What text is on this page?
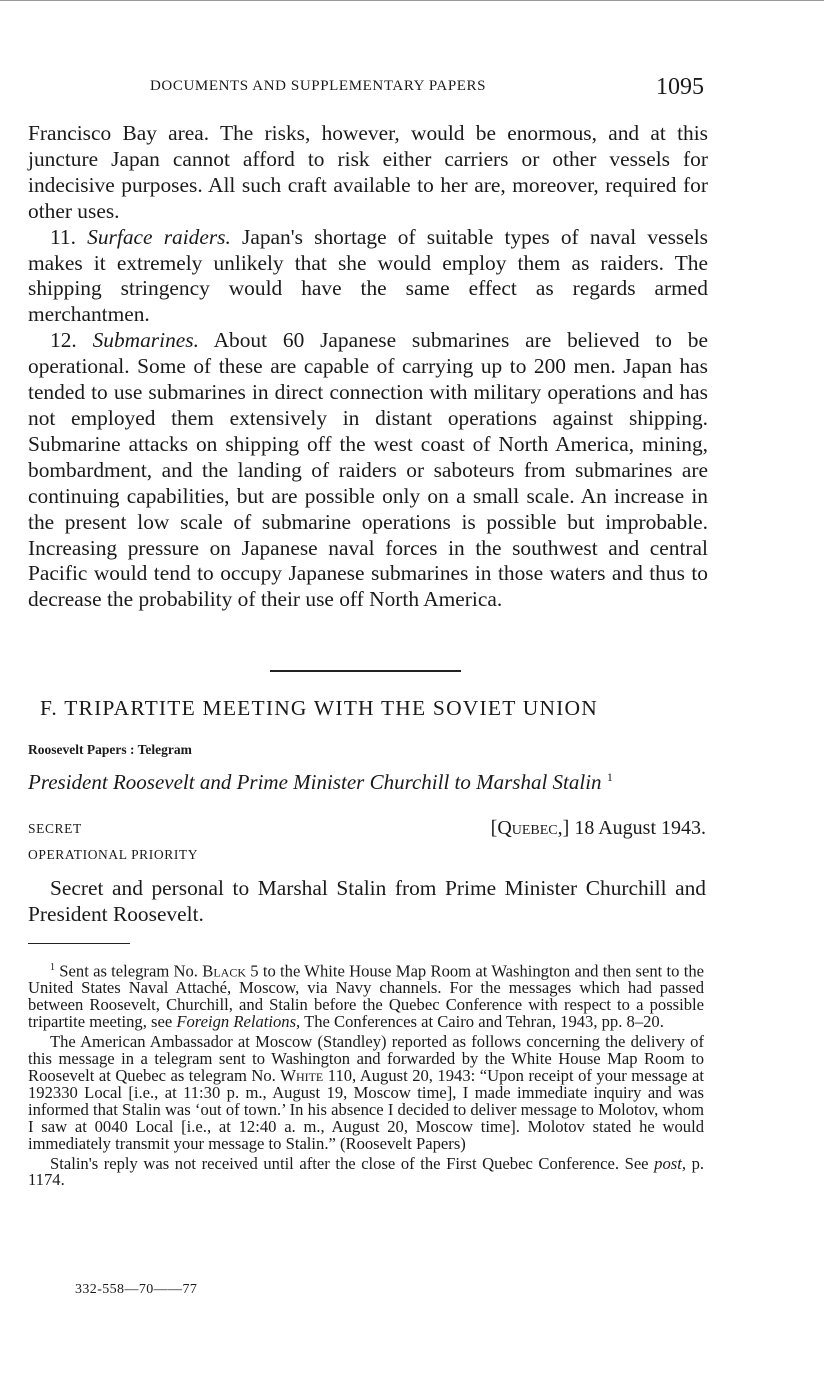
DOCUMENTS AND SUPPLEMENTARY PAPERS	1095

Francisco Bay area. The risks, however, would be enormous, and at this juncture Japan cannot afford to risk either carriers or other vessels for indecisive purposes. All such craft available to her are, moreover, required for other uses.

11. Surface raiders. Japan's shortage of suitable types of naval vessels makes it extremely unlikely that she would employ them as raiders. The shipping stringency would have the same effect as regards armed merchantmen.

12. Submarines. About 60 Japanese submarines are believed to be operational. Some of these are capable of carrying up to 200 men. Japan has tended to use submarines in direct connection with military operations and has not employed them extensively in distant operations against shipping. Submarine attacks on shipping off the west coast of North America, mining, bombardment, and the landing of raiders or saboteurs from submarines are continuing capabilities, but are possible only on a small scale. An increase in the present low scale of submarine operations is possible but improbable. Increasing pressure on Japanese naval forces in the southwest and central Pacific would tend to occupy Japanese submarines in those waters and thus to decrease the probability of their use off North America.

F. TRIPARTITE MEETING WITH THE SOVIET UNION
Roosevelt Papers : Telegram
President Roosevelt and Prime Minister Churchill to Marshal Stalin $^1$
SECRET	[Quebec,] 18 August 1943.
OPERATIONAL PRIORITY

Secret and personal to Marshal Stalin from Prime Minister Churchill and President Roosevelt.

$^1$ Sent as telegram No. Black 5 to the White House Map Room at Washington and then sent to the United States Naval Attaché, Moscow, via Navy channels. For the messages which had passed between Roosevelt, Churchill, and Stalin before the Quebec Conference with respect to a possible tripartite meeting, see Foreign Relations, The Conferences at Cairo and Tehran, 1943, pp. 8–20.

The American Ambassador at Moscow (Standley) reported as follows concerning the delivery of this message in a telegram sent to Washington and forwarded by the White House Map Room to Roosevelt at Quebec as telegram No. White 110, August 20, 1943: “Upon receipt of your message at 192330 Local [i.e., at 11:30 p. m., August 19, Moscow time], I made immediate inquiry and was informed that Stalin was ‘out of town.’ In his absence I decided to deliver message to Molotov, whom I saw at 0040 Local [i.e., at 12:40 a. m., August 20, Moscow time]. Molotov stated he would immediately transmit your message to Stalin.” (Roosevelt Papers)

Stalin's reply was not received until after the close of the First Quebec Conference. See post, p. 1174.

332-558—70——77
